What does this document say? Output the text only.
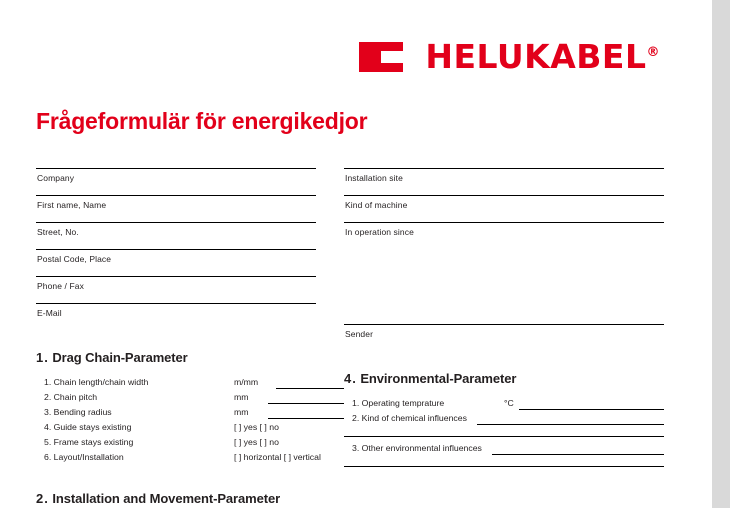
HELUKABEL®
Frågeformulär för energikedjor
Company
First name, Name
Street, No.
Postal Code, Place
Phone / Fax
E-Mail
1. Drag Chain-Parameter
1. Chain length/chain width	m/mm
2. Chain pitch	mm
3. Bending radius	mm
4. Guide stays existing	[ ] yes [ ] no
5. Frame stays existing	[ ] yes [ ] no
6. Layout/Installation	[ ] horizontal [ ] vertical
2. Installation and Movement-Parameter
Installation site
Kind of machine
In operation since
Sender
4. Environmental-Parameter
1. Operating temprature	°C
2. Kind of chemical influences
3. Other environmental influences
